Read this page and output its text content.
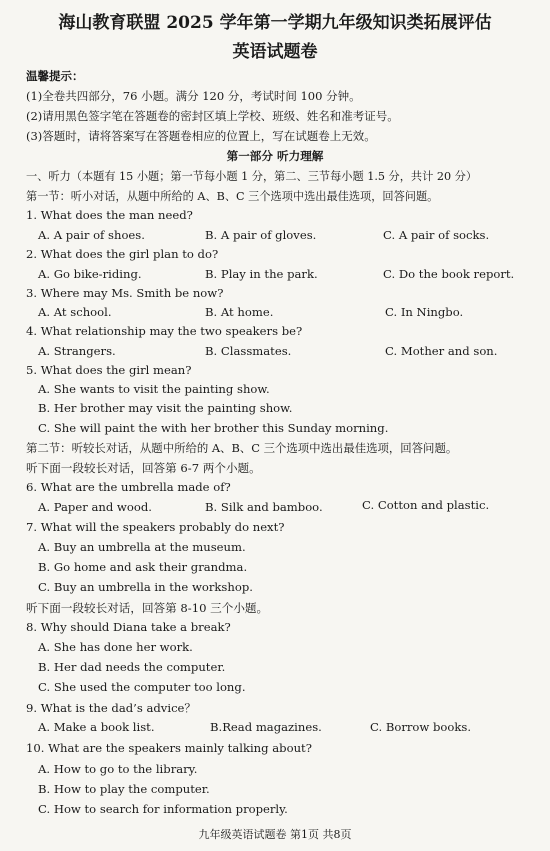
海山教育联盟 2025 学年第一学期九年级知识类拓展评估
英语试题卷
温馨提示：
(1)全卷共四部分，76 小题。满分 120 分，考试时间 100 分钟。
(2)请用黑色签字笔在答题卷的密封区填上学校、班级、姓名和准考证号。
(3)答题时，请将答案写在答题卷相应的位置上，写在试题卷上无效。
第一部分 听力理解
一、听力（本题有 15 小题；第一节每小题 1 分，第二、三节每小题 1.5 分，共计 20 分）
第一节：听小对话，从题中所给的 A、B、C 三个选项中选出最佳选项，回答问题。
1. What does the man need?
A. A pair of shoes.	B. A pair of gloves.	C. A pair of socks.
2. What does the girl plan to do?
A. Go bike-riding.	B. Play in the park.	C. Do the book report.
3. Where may Ms. Smith be now?
A. At school.	B. At home.	C. In Ningbo.
4. What relationship may the two speakers be?
A. Strangers.	B. Classmates.	C. Mother and son.
5. What does the girl mean?
A. She wants to visit the painting show.
B. Her brother may visit the painting show.
C. She will paint the with her brother this Sunday morning.
第二节：听较长对话，从题中所给的 A、B、C 三个选项中选出最佳选项，回答问题。
听下面一段较长对话，回答第 6-7 两个小题。
6. What are the umbrella made of?
A. Paper and wood.	B. Silk and bamboo.	C. Cotton and plastic.
7. What will the speakers probably do next?
A. Buy an umbrella at the museum.
B. Go home and ask their grandma.
C. Buy an umbrella in the workshop.
听下面一段较长对话，回答第 8-10 三个小题。
8. Why should Diana take a break?
A. She has done her work.
B. Her dad needs the computer.
C. She used the computer too long.
9. What is the dad’s advice？
A. Make a book list.	B.Read magazines.	C. Borrow books.
10. What are the speakers mainly talking about?
A. How to go to the library.
B. How to play the computer.
C. How to search for information properly.
九年级英语试题卷 第1页 共8页
